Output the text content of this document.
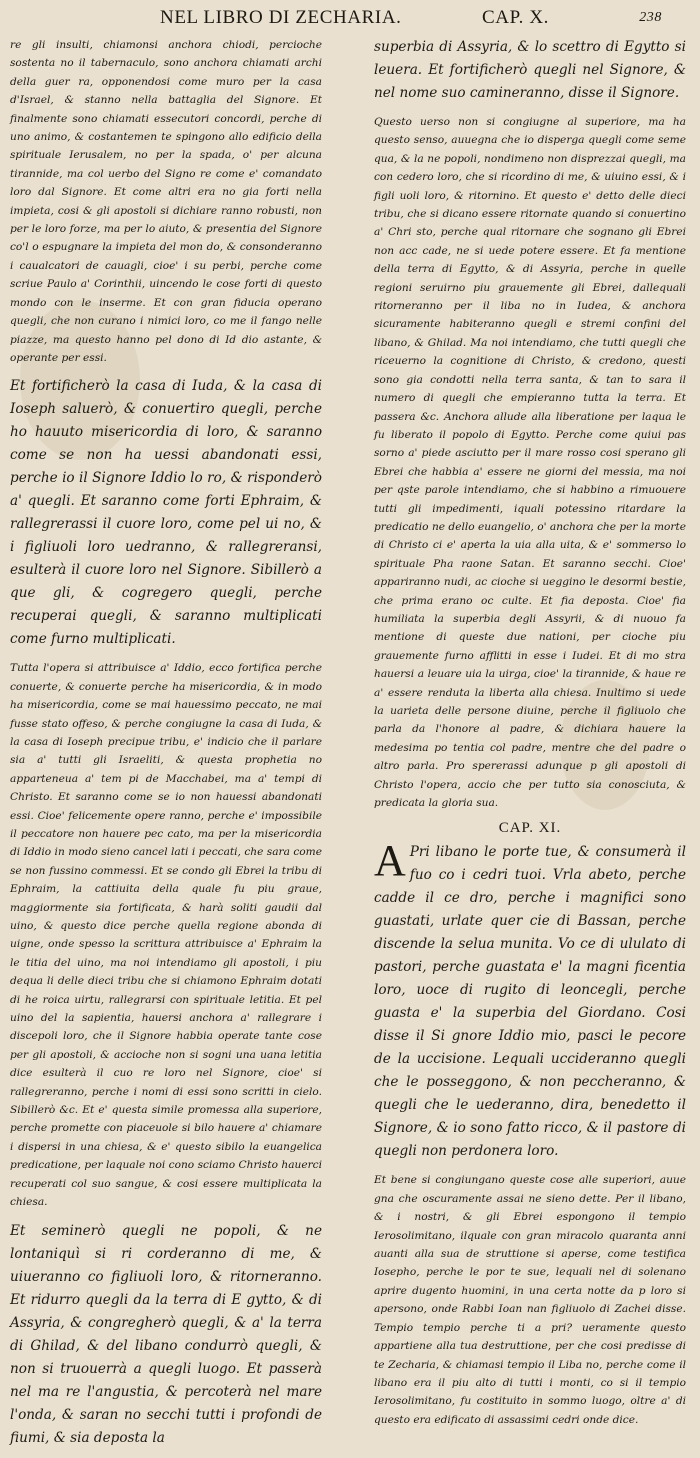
NEL LIBRO DI ZECHARIA.	CAP. X.	238

re gli insulti, chiamonsi anchora chiodi, percioche sostenta no il tabernaculo, sono anchora chiamati archi della guer ra, opponendosi come muro per la casa d'Israel, & stanno nella battaglia del Signore. Et finalmente sono chiamati essecutori concordi, perche di uno animo, & costantemen te spingono allo edificio della spirituale Ierusalem, no per la spada, o' per alcuna tirannide, ma col uerbo del Signo re come e' comandato loro dal Signore. Et come altri era no gia forti nella impieta, cosi & gli apostoli si dichiare ranno robusti, non per le loro forze, ma per lo aiuto, & presentia del Signore co'l o espugnare la impieta del mon do, & consonderanno i caualcatori de cauagli, cioe' i su perbi, perche come scriue Paulo a' Corinthii, uincendo le cose forti di questo mondo con le inserme. Et con gran fiducia operano quegli, che non curano i nimici loro, co me il fango nelle piazze, ma questo hanno pel dono di Id dio astante, & operante per essi.

Et fortificherò la casa di Iuda, & la casa di Ioseph saluerò, & conuertiro quegli, perche ho hauuto misericordia di loro, & saranno come se non ha uessi abandonati essi, perche io il Signore Iddio lo ro, & risponderò a' quegli. Et saranno come forti Ephraim, & rallegrerassi il cuore loro, come pel ui no, & i figliuoli loro uedranno, & rallegreransi, esulterà il cuore loro nel Signore. Sibillerò a que gli, & cogregero quegli, perche recuperai quegli, & saranno multiplicati come furno multiplicati.

Tutta l'opera si attribuisce a' Iddio, ecco fortifica perche conuerte, & conuerte perche ha misericordia, & in modo ha misericordia, come se mai hauessimo peccato, ne mai fusse stato offeso, & perche congiugne la casa di Iuda, & la casa di Ioseph precipue tribu, e' indicio che il parlare sia a' tutti gli Israeliti, & questa prophetia no apparteneua a' tem pi de Macchabei, ma a' tempi di Christo. Et saranno come se io non hauessi abandonati essi. Cioe' felicemente opere ranno, perche e' impossibile il peccatore non hauere pec cato, ma per la misericordia di Iddio in modo sieno cancel lati i peccati, che sara come se non fussino commessi. Et se condo gli Ebrei la tribu di Ephraim, la cattiuita della quale fu piu graue, maggiormente sia fortificata, & harà soliti gaudii dal uino, & questo dice perche quella regione abonda di uigne, onde spesso la scrittura attribuisce a' Ephraim la le titia del uino, ma noi intendiamo gli apostoli, i piu dequa li delle dieci tribu che si chiamono Ephraim dotati di he roica uirtu, rallegrarsi con spirituale letitia. Et pel uino del la sapientia, hauersi anchora a' rallegrare i discepoli loro, che il Signore habbia operate tante cose per gli apostoli, & accioche non si sogni una uana letitia dice esulterà il cuo re loro nel Signore, cioe' si rallegreranno, perche i nomi di essi sono scritti in cielo. Sibillerò &c. Et e' questa simile promessa alla superiore, perche promette con piaceuole si bilo hauere a' chiamare i dispersi in una chiesa, & e' questo sibilo la euangelica predicatione, per laquale noi cono sciamo Christo hauerci recuperati col suo sangue, & cosi essere multiplicata la chiesa.

Et seminerò quegli ne popoli, & ne lontaniquì si ri corderanno di me, & uiueranno co figliuoli loro, & ritorneranno. Et ridurro quegli da la terra di E gytto, & di Assyria, & congregherò quegli, & a' la terra di Ghilad, & del libano condurrò quegli, & non si truouerrà a quegli luogo. Et passerà nel ma re l'angustia, & percoterà nel mare l'onda, & saran no secchi tutti i profondi de fiumi, & sia deposta la

superbia di Assyria, & lo scettro di Egytto si leuera. Et fortificherò quegli nel Signore, & nel nome suo camineranno, disse il Signore.

Questo uerso non si congiugne al superiore, ma ha questo senso, auuegna che io disperga quegli come seme qua, & la ne popoli, nondimeno non disprezzai quegli, ma con cedero loro, che si ricordino di me, & uiuino essi, & i figli uoli loro, & ritornino. Et questo e' detto delle dieci tribu, che si dicano essere ritornate quando si conuertino a' Chri sto, perche qual ritornare che sognano gli Ebrei non acc cade, ne si uede potere essere. Et fa mentione della terra di Egytto, & di Assyria, perche in quelle regioni seruirno piu grauemente gli Ebrei, dallequali ritorneranno per il liba no in Iudea, & anchora sicuramente habiteranno quegli e stremi confini del libano, & Ghilad. Ma noi intendiamo, che tutti quegli che riceuerno la cognitione di Christo, & credono, questi sono gia condotti nella terra santa, & tan to sara il numero di quegli che empieranno tutta la terra. Et passera &c. Anchora allude alla liberatione per laqua le fu liberato il popolo di Egytto. Perche come quiui pas sorno a' piede asciutto per il mare rosso cosi sperano gli Ebrei che habbia a' essere ne giorni del messia, ma noi per qste parole intendiamo, che si habbino a rimuouere tutti gli impedimenti, iquali potessino ritardare la predicatio ne dello euangelio, o' anchora che per la morte di Christo ci e' aperta la uia alla uita, & e' sommerso lo spirituale Pha raone Satan. Et saranno secchi. Cioe' appariranno nudi, ac cioche si ueggino le desormi bestie, che prima erano oc culte. Et fia deposta. Cioe' fia humiliata la superbia degli Assyrii, & di nuouo fa mentione di queste due nationi, per cioche piu grauemente furno afflitti in esse i Iudei. Et di mo stra hauersi a leuare uia la uirga, cioe' la tirannide, & haue re a' essere renduta la liberta alla chiesa. Inultimo si uede la uarieta delle persone diuine, perche il figliuolo che parla da l'honore al padre, & dichiara hauere la medesima po tentia col padre, mentre che del padre o altro parla. Pro spererassi adunque p gli apostoli di Christo l'opera, accio che per tutto sia conosciuta, & predicata la gloria sua.

CAP. XI.

A Pri libano le porte tue, & consumerà il fuo co i cedri tuoi. Vrla abeto, perche cadde il ce dro, perche i magnifici sono guastati, urlate quer cie di Bassan, perche discende la selua munita. Vo ce di ululato di pastori, perche guastata e' la magni ficentia loro, uoce di rugito di leoncegli, perche guasta e' la superbia del Giordano. Cosi disse il Si gnore Iddio mio, pasci le pecore de la uccisione. Lequali uccideranno quegli che le posseggono, & non peccheranno, & quegli che le uederanno, dira, benedetto il Signore, & io sono fatto ricco, & il pastore di quegli non perdonera loro.

Et bene si congiungano queste cose alle superiori, auue gna che oscuramente assai ne sieno dette. Per il libano, & i nostri, & gli Ebrei espongono il tempio Ierosolimitano, ilquale con gran miracolo quaranta anni auanti alla sua de struttione si aperse, come testifica Iosepho, perche le por te sue, lequali nel di solenano aprire dugento huomini, in una certa notte da p loro si apersono, onde Rabbi Ioan nan figliuolo di Zachei disse. Tempio tempio perche ti a pri? ueramente questo appartiene alla tua destruttione, per che cosi predisse di te Zecharia, & chiamasi tempio il Liba no, perche come il libano era il piu alto di tutti i monti, co si il tempio Ierosolimitano, fu costituito in sommo luogo, oltre a' di questo era edificato di assassimi cedri onde dice.
